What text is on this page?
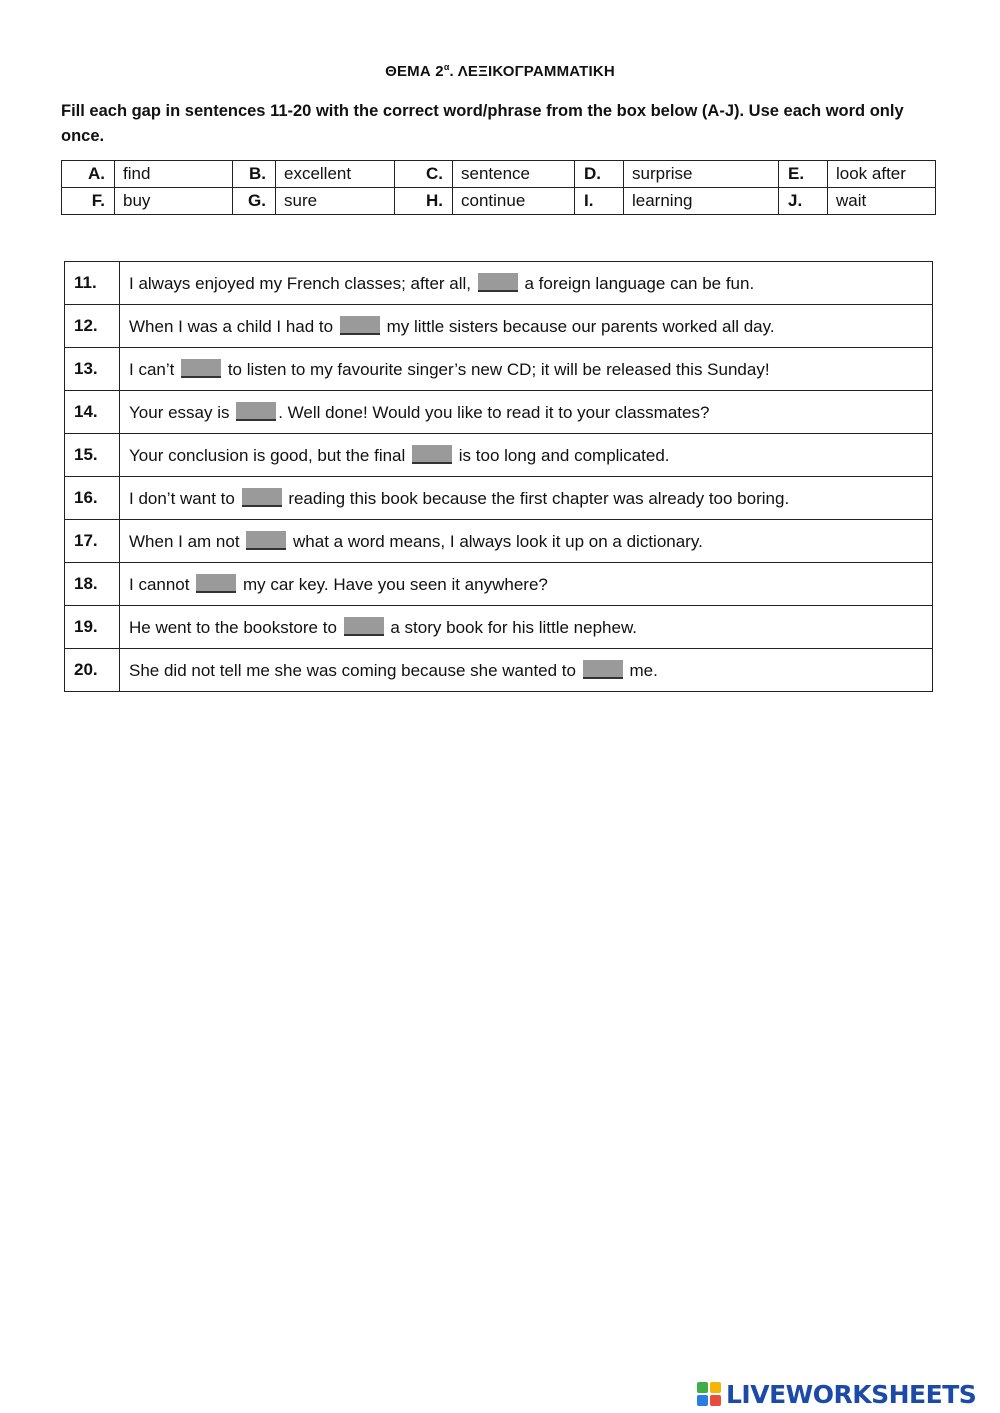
ΘΕΜΑ $2^\alpha$. ΛΕΞΙΚΟΓΡΑΜΜΑΤΙΚΗ
Fill each gap in sentences 11-20 with the correct word/phrase from the box below (A-J). Use each word only once.
A.	find	B.	excellent	C.	sentence	D.	surprise	E.	look after
F.	buy	G.	sure	H.	continue	I.	learning	J.	wait
11.	I always enjoyed my French classes; after all, a foreign language can be fun.
12.	When I was a child I had to my little sisters because our parents worked all day.
13.	I can’t to listen to my favourite singer’s new CD; it will be released this Sunday!
14.	Your essay is . Well done! Would you like to read it to your classmates?
15.	Your conclusion is good, but the final is too long and complicated.
16.	I don’t want to reading this book because the first chapter was already too boring.
17.	When I am not what a word means, I always look it up on a dictionary.
18.	I cannot my car key. Have you seen it anywhere?
19.	He went to the bookstore to a story book for his little nephew.
20.	She did not tell me she was coming because she wanted to me.
LIVEWORKSHEETS
